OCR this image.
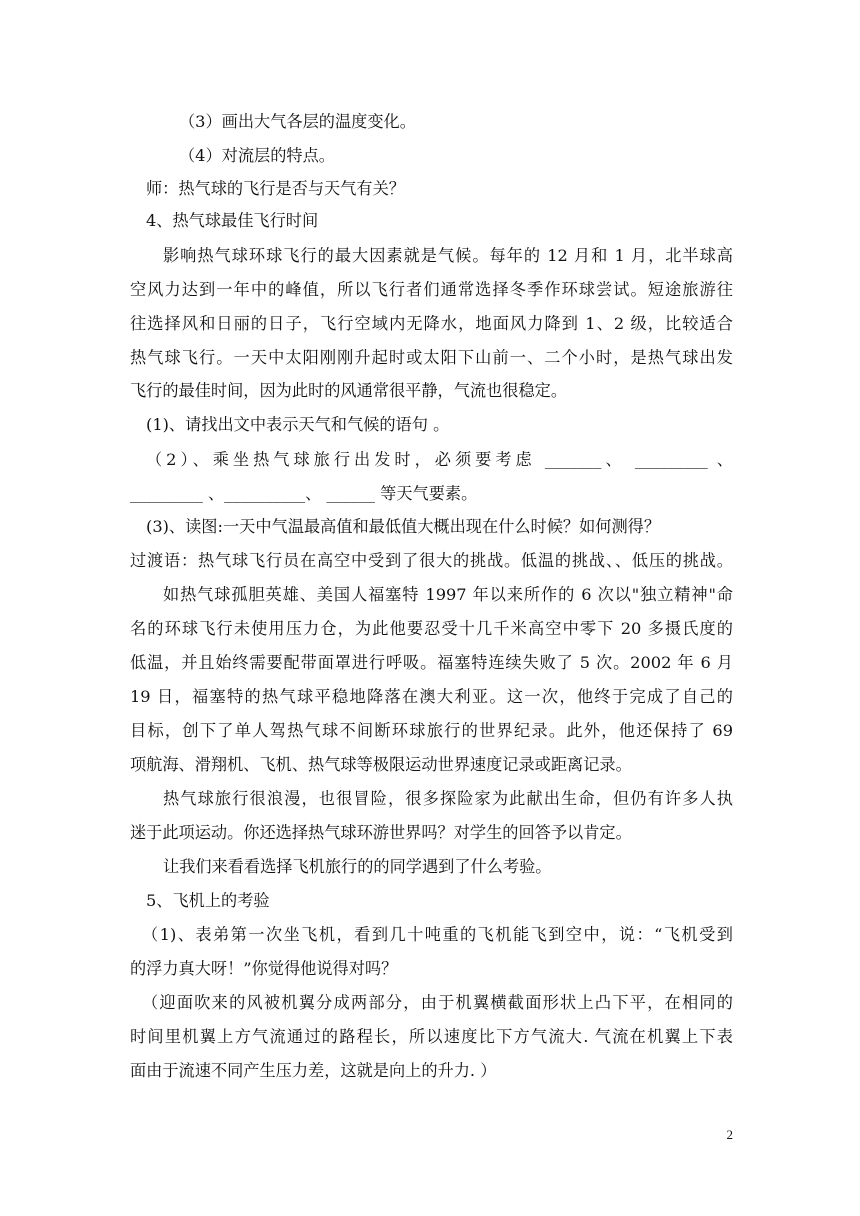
（3）画出大气各层的温度变化。
（4）对流层的特点。
师：热气球的飞行是否与天气有关？
4、热气球最佳飞行时间
影响热气球环球飞行的最大因素就是气候。每年的 12 月和 1 月，北半球高
空风力达到一年中的峰值，所以飞行者们通常选择冬季作环球尝试。短途旅游往
往选择风和日丽的日子，飞行空域内无降水，地面风力降到 1、2 级，比较适合
热气球飞行。一天中太阳刚刚升起时或太阳下山前一、二个小时，是热气球出发
飞行的最佳时间，因为此时的风通常很平静，气流也很稳定。
(1)、请找出文中表示天气和气候的语句 。
（2）、乘坐热气球旅行出发时，必须要考虑 _______、 _________ 、
_________ 、__________、 ______ 等天气要素。
(3)、读图:一天中气温最高值和最低值大概出现在什么时候？如何测得？
过渡语：热气球飞行员在高空中受到了很大的挑战。低温的挑战、、低压的挑战。
如热气球孤胆英雄、美国人福塞特 1997 年以来所作的 6 次以"独立精神"命
名的环球飞行未使用压力仓，为此他要忍受十几千米高空中零下 20 多摄氏度的
低温，并且始终需要配带面罩进行呼吸。福塞特连续失败了 5 次。2002 年 6 月
19 日，福塞特的热气球平稳地降落在澳大利亚。这一次，他终于完成了自己的
目标，创下了单人驾热气球不间断环球旅行的世界纪录。此外，他还保持了 69
项航海、滑翔机、飞机、热气球等极限运动世界速度记录或距离记录。
热气球旅行很浪漫，也很冒险，很多探险家为此献出生命，但仍有许多人执
迷于此项运动。你还选择热气球环游世界吗？对学生的回答予以肯定。
让我们来看看选择飞机旅行的的同学遇到了什么考验。
5、飞机上的考验
（1)、表弟第一次坐飞机，看到几十吨重的飞机能飞到空中，说：“飞机受到
的浮力真大呀！”你觉得他说得对吗？
（迎面吹来的风被机翼分成两部分，由于机翼横截面形状上凸下平，在相同的
时间里机翼上方气流通过的路程长，所以速度比下方气流大. 气流在机翼上下表
面由于流速不同产生压力差，这就是向上的升力. ）
2
